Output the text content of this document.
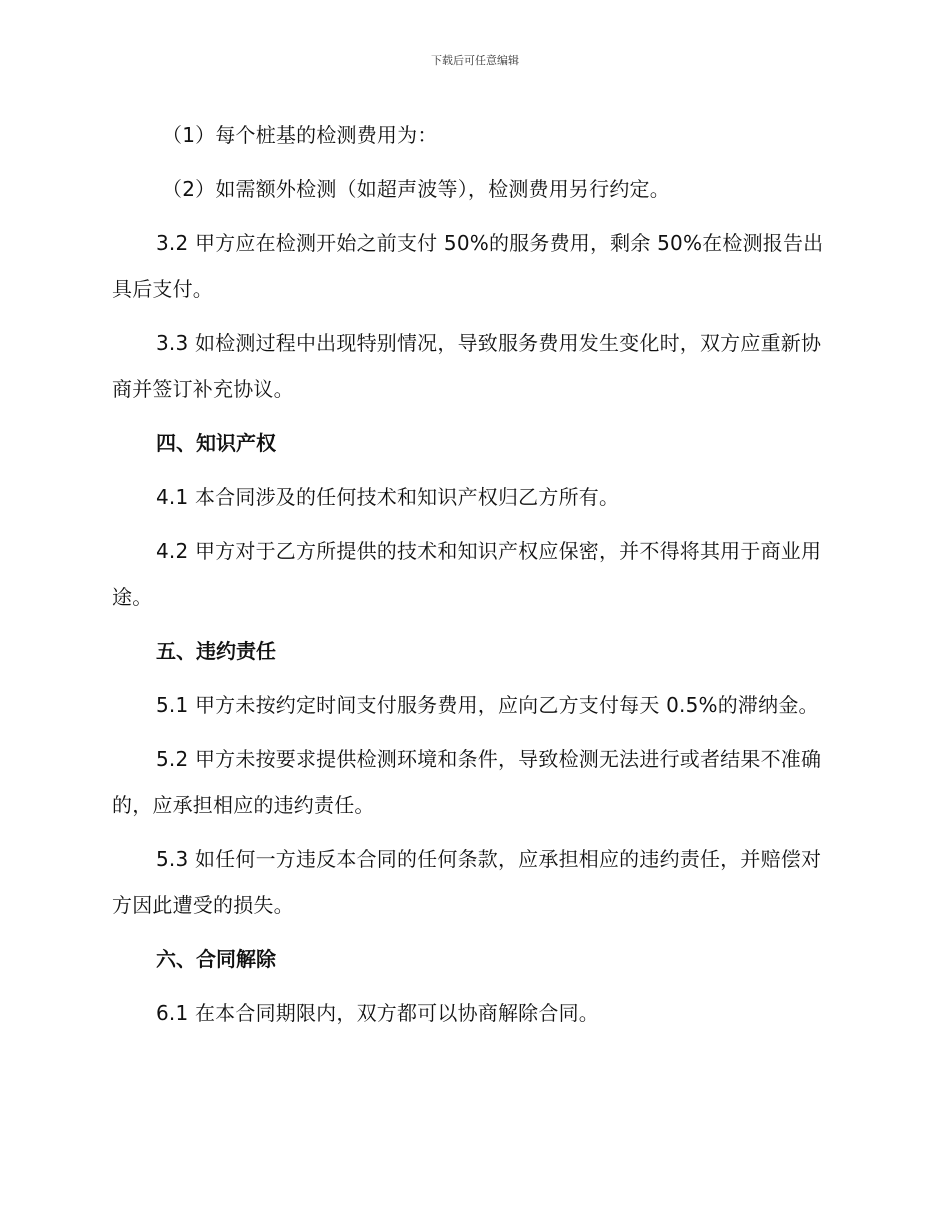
下载后可任意编辑

（1）每个桩基的检测费用为：

（2）如需额外检测（如超声波等），检测费用另行约定。

3.2 甲方应在检测开始之前支付 50%的服务费用，剩余 50%在检测报告出具后支付。

3.3 如检测过程中出现特别情况，导致服务费用发生变化时，双方应重新协商并签订补充协议。

四、知识产权

4.1 本合同涉及的任何技术和知识产权归乙方所有。

4.2 甲方对于乙方所提供的技术和知识产权应保密，并不得将其用于商业用途。

五、违约责任

5.1 甲方未按约定时间支付服务费用，应向乙方支付每天 0.5%的滞纳金。

5.2 甲方未按要求提供检测环境和条件，导致检测无法进行或者结果不准确的，应承担相应的违约责任。

5.3 如任何一方违反本合同的任何条款，应承担相应的违约责任，并赔偿对方因此遭受的损失。

六、合同解除

6.1 在本合同期限内，双方都可以协商解除合同。
